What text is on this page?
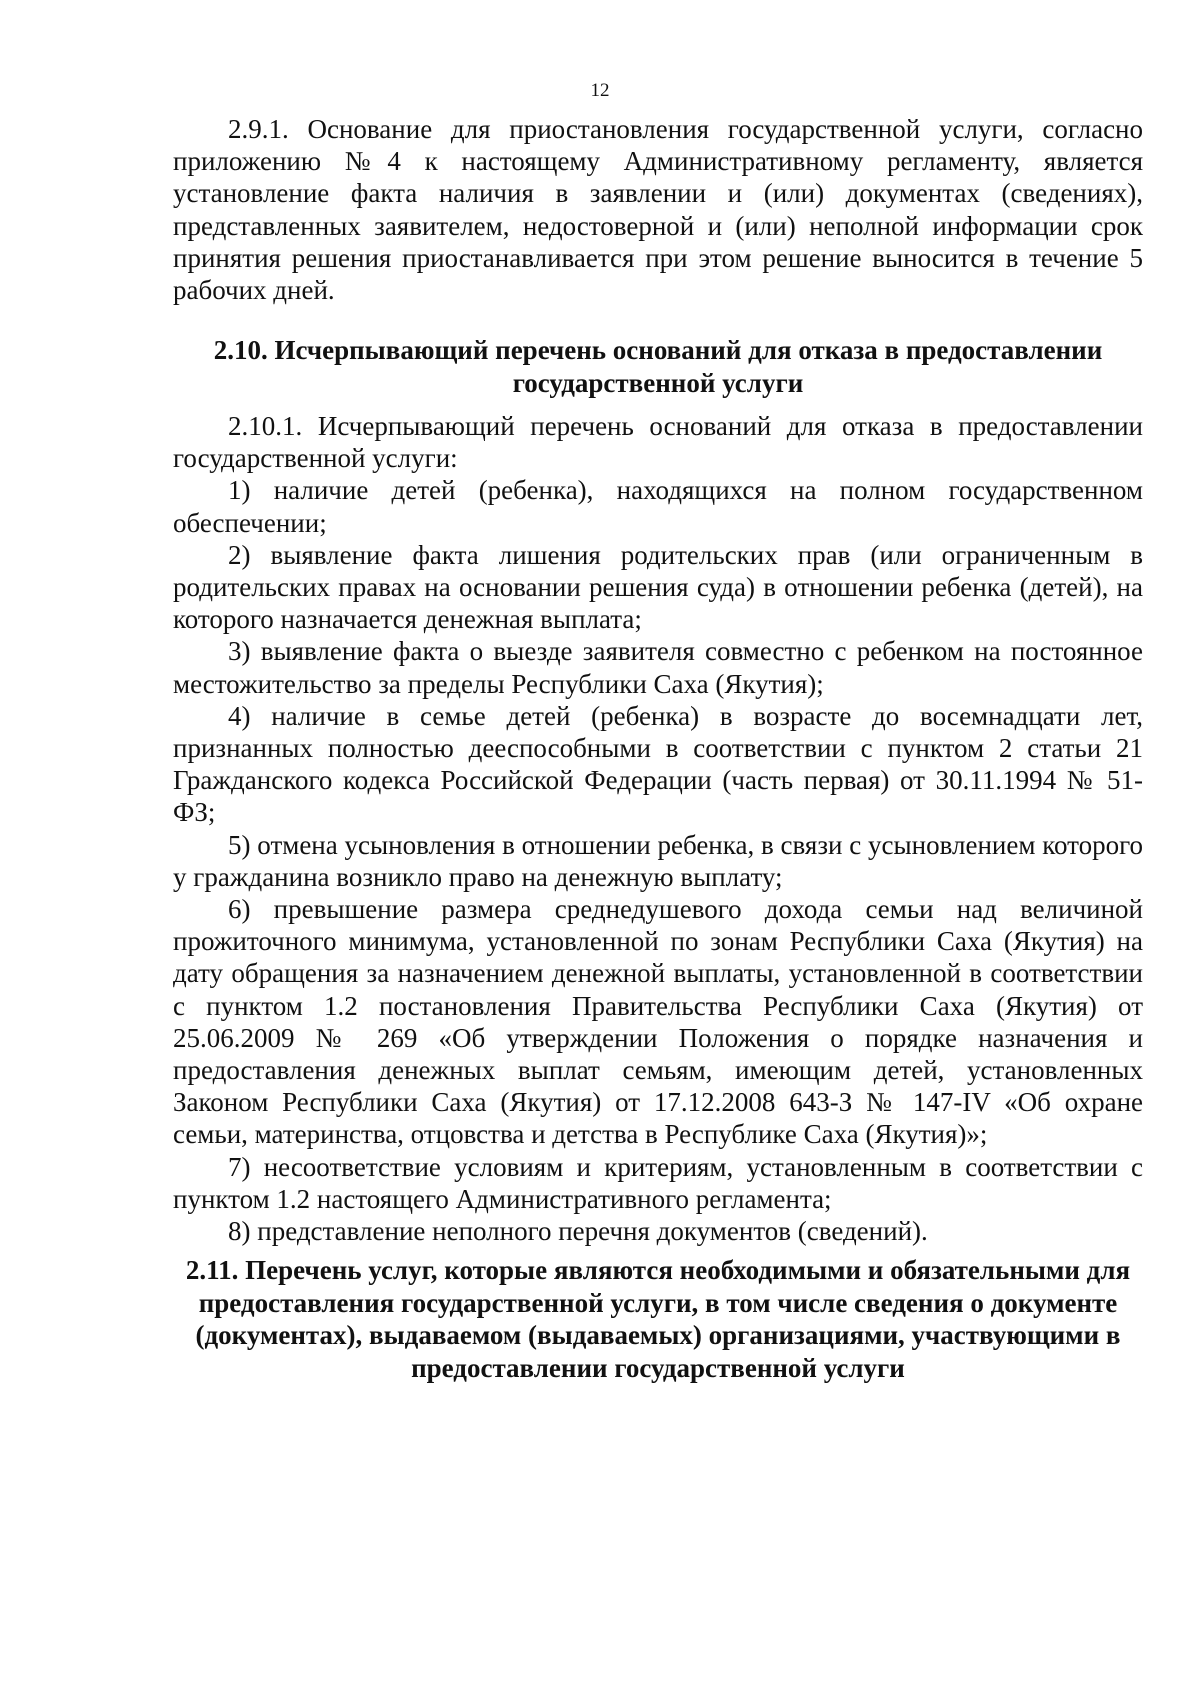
12

2.9.1. Основание для приостановления государственной услуги, согласно приложению №4 к настоящему Административному регламенту, является установление факта наличия в заявлении и (или) документах (сведениях), представленных заявителем, недостоверной и (или) неполной информации срок принятия решения приостанавливается при этом решение выносится в течение 5 рабочих дней.

2.10. Исчерпывающий перечень оснований для отказа в предоставлении государственной услуги

2.10.1. Исчерпывающий перечень оснований для отказа в предоставлении государственной услуги:

1) наличие детей (ребенка), находящихся на полном государственном обеспечении;

2) выявление факта лишения родительских прав (или ограниченным в родительских правах на основании решения суда) в отношении ребенка (детей), на которого назначается денежная выплата;

3) выявление факта о выезде заявителя совместно с ребенком на постоянное местожительство за пределы Республики Саха (Якутия);

4) наличие в семье детей (ребенка) в возрасте до восемнадцати лет, признанных полностью дееспособными в соответствии с пунктом 2 статьи 21 Гражданского кодекса Российской Федерации (часть первая) от 30.11.1994 № 51-ФЗ;

5) отмена усыновления в отношении ребенка, в связи с усыновлением которого у гражданина возникло право на денежную выплату;

6) превышение размера среднедушевого дохода семьи над величиной прожиточного минимума, установленной по зонам Республики Саха (Якутия) на дату обращения за назначением денежной выплаты, установленной в соответствии с пунктом 1.2 постановления Правительства Республики Саха (Якутия) от 25.06.2009 № 269 «Об утверждении Положения о порядке назначения и предоставления денежных выплат семьям, имеющим детей, установленных Законом Республики Саха (Якутия) от 17.12.2008 643-З № 147-IV «Об охране семьи, материнства, отцовства и детства в Республике Саха (Якутия)»;

7) несоответствие условиям и критериям, установленным в соответствии с пунктом 1.2 настоящего Административного регламента;

8) представление неполного перечня документов (сведений).

2.11. Перечень услуг, которые являются необходимыми и обязательными для предоставления государственной услуги, в том числе сведения о документе (документах), выдаваемом (выдаваемых) организациями, участвующими в предоставлении государственной услуги
